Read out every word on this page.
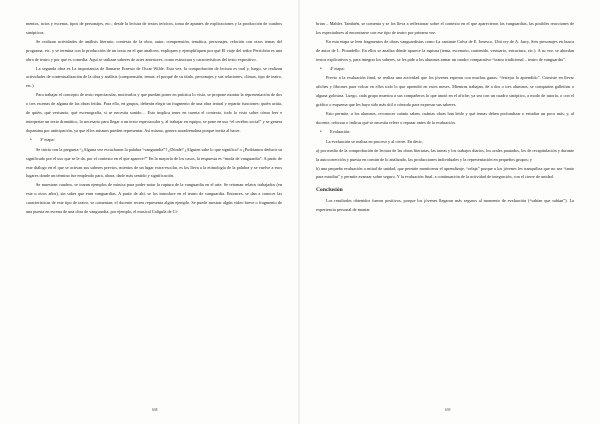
mentos, actos y escenas, tipos de personajes, etc.; desde la lectura de textos teóricos, toma de apuntes de explicaciones y la producción de cuadros sinópticos.

Se realizan actividades de análisis literario, contexto de la obra, autor, comprensión, temática, personajes, relación con otros temas del programa, etc. y se termina con la producción de un texto en el que analicen, expliquen y ejemplifiquen por qué El viaje del señor Perrichón es una obra de teatro y por qué es comedia. Aquí se utilizan saberes de artes anteriores, como estructura y características del texto expositivo.

La segunda obra es La importancia de llamarse Ernesto de Oscar Wilde. Esta vez, la comprobación de lectura es oral y, luego, se realizan actividades de contextualización de la obra y análisis (comprensión, temas, el porqué de su título, personajes y sus relaciones, clímax, tipo de teatro, etc.).

Para trabajar el concepto de texto espectacular, motivarlos y que puedan poner en práctica lo visto, se propone montar la representación de dos o tres escenas de alguna de las obras leídas. Para ello, en grupos, deberán elegir un fragmento de una obra teatral y repartir funciones: quién actúa, de quién, qué vestuario, qué escenografía, si se necesita sonido… Esto implica tener en cuenta el contexto, todo lo visto sobre cómo leer e interpretar un texto dramático, lo necesario para llegar a un texto espectacular y, al trabajar en equipo, se pone en uso “el cerebro social” y se genera dopamina por anticipación, ya que ellos mismos pueden representar. Así mismo, genera noradrenalina porque invita al hacer.

•	3ª etapa:

Se inicia con la pregunta “¿Alguna vez escucharon la palabra “vanguardia”? ¿Dónde? ¿Alguien sabe lo que significa? o ¿Podríamos deducir su significado por el uso que se le da, por el contexto en el que aparece?” En la mayoría de los casos, la respuesta es “moda de vanguardia”. A partir de este diálogo en el que se activan sus saberes previos, mientos de un lugar extra-escolar, es los lleva a la etimología de la palabra y se vuelve a esos lugares donde un término fue empleado para, ahora, darle más sentido y significación.

Se muestran cuadros, se trazan ejemplos de música para poder notar la ruptura de la vanguardia en el arte. Se retoman relatos trabajados (en este u otros años), sin saber que eran vanguardias. A partir de ahí, se los introduce en el teatro de vanguardia. Entonces, se dan a conocer las características de este tipo de teatro, se comentan; el docente recrea representa algún ejemplo. Se puede mostrar algún video breve o fragmento de una puesta en escena de una obra de vanguardia, por ejemplo, el musical Calígula de Ci-

brian – Mahler. También, se comenta y se los lleva a reflexionar sobre el contexto en el que aparecieron las vanguardias, las posibles reacciones de los espectadores al encontrarse con ese tipo de teatro por primera vez.

En esta etapa se leen fragmentos de obras vanguardistas como La cantante Calva de E. Ionesco, Ubú rey de A. Jarry, Seis personajes en busca de autor de L. Pirandello. En ellos se analiza dónde aparece la ruptura (tema, escenario, contenido, vestuario, estructura, etc.). A su vez, se abordan textos explicativos y, para integrar los saberes, se les pide a los alumnos armar un cuadro comparativo “teatro tradicional – teatro de vanguardia”.

•	4ª etapa:

Previo a la evaluación final, se realiza una actividad que los jóvenes esperan con muchas ganas: “festejar lo aprendido”. Consiste en llevar afiches y fibrones para volcar en ellos todo lo que aprendió en estos meses. Mientras trabajan, de a dos o tres alumnos, se comparten galletitas o alguna golosina. Luego, cada grupo muestra a sus compañeros lo que anotó en el afiche; ya sea con un cuadro sinóptico, a modo de tutoría, o con el gráfico o esquema que les haya sido más útil o cómodo para expresar sus saberes.

Esto permite, a los alumnos, reconocer cuánto saben, cuántas obras han leído y qué temas deben profundizar o estudiar un poco más; y, al docente, reforzar o indicar qué se necesita releer o repasar antes de la evaluación.

•	Evaluación:

La evaluación se realiza en proceso y al cierre. En decir,

a) por medio de la comprobación de lectura de las obras literarias, las tareas y los trabajos diarios, los orales pautados, los de recapitulación y durante la autocorrección y puesta en común de lo analizado, las producciones individuales y la representación en pequeños grupos; y

b) una pequeña evaluación a mitad de unidad, que permite monitorear el aprendizaje, “relaja” porque a los jóvenes les tranquiliza que no sea “tanto para estudiar” y permite avanzar sobre seguro. Y la evaluación final, a continuación de la actividad de integración, con el cierre de unidad.

Conclusión

Los resultados obtenidos fueron positivos, porque los jóvenes llegaron más seguros al momento de evaluación (“sabían que sabían”). La experiencia personal de montar

638	639
